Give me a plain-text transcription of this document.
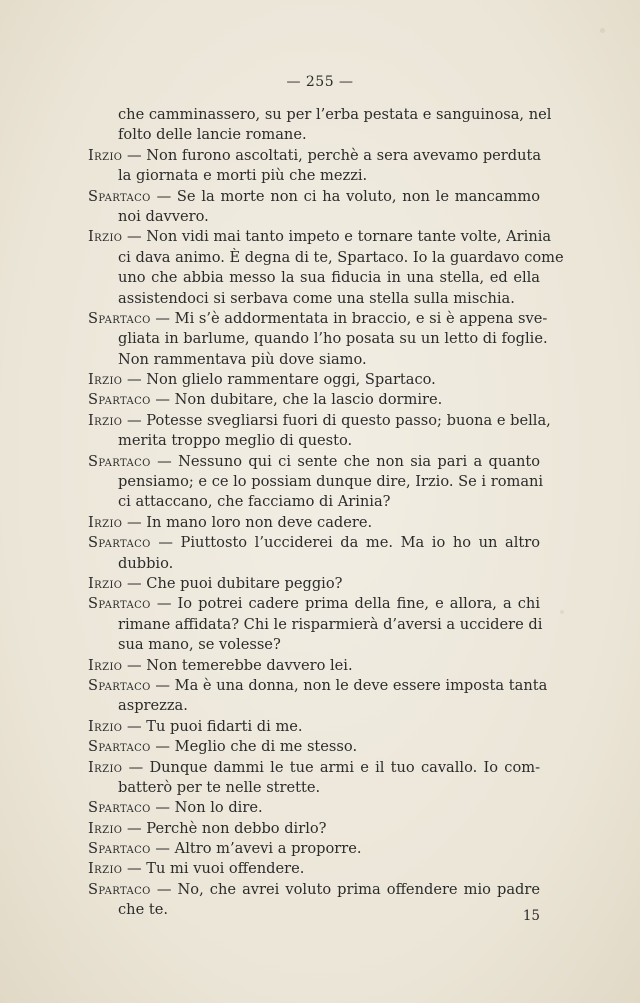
— 255 —
che camminassero, su per l’erba pestata e sanguinosa, nel
folto delle lancie romane.
Irzio — Non furono ascoltati, perchè a sera avevamo perduta
la giornata e morti più che mezzi.
Spartaco — Se la morte non ci ha voluto, non le mancammo
noi davvero.
Irzio — Non vidi mai tanto impeto e tornare tante volte, Arinia
ci dava animo. È degna di te, Spartaco. Io la guardavo come
uno che abbia messo la sua fiducia in una stella, ed ella
assistendoci si serbava come una stella sulla mischia.
Spartaco — Mi s’è addormentata in braccio, e si è appena sve-
gliata in barlume, quando l’ho posata su un letto di foglie.
Non rammentava più dove siamo.
Irzio — Non glielo rammentare oggi, Spartaco.
Spartaco — Non dubitare, che la lascio dormire.
Irzio — Potesse svegliarsi fuori di questo passo; buona e bella,
merita troppo meglio di questo.
Spartaco — Nessuno qui ci sente che non sia pari a quanto
pensiamo; e ce lo possiam dunque dire, Irzio. Se i romani
ci attaccano, che facciamo di Arinia?
Irzio — In mano loro non deve cadere.
Spartaco — Piuttosto l’ucciderei da me. Ma io ho un altro
dubbio.
Irzio — Che puoi dubitare peggio?
Spartaco — Io potrei cadere prima della fine, e allora, a chi
rimane affidata? Chi le risparmierà d’aversi a uccidere di
sua mano, se volesse?
Irzio — Non temerebbe davvero lei.
Spartaco — Ma è una donna, non le deve essere imposta tanta
asprezza.
Irzio — Tu puoi fidarti di me.
Spartaco — Meglio che di me stesso.
Irzio — Dunque dammi le tue armi e il tuo cavallo. Io com-
batterò per te nelle strette.
Spartaco — Non lo dire.
Irzio — Perchè non debbo dirlo?
Spartaco — Altro m’avevi a proporre.
Irzio — Tu mi vuoi offendere.
Spartaco — No, che avrei voluto prima offendere mio padre
che te.	15
